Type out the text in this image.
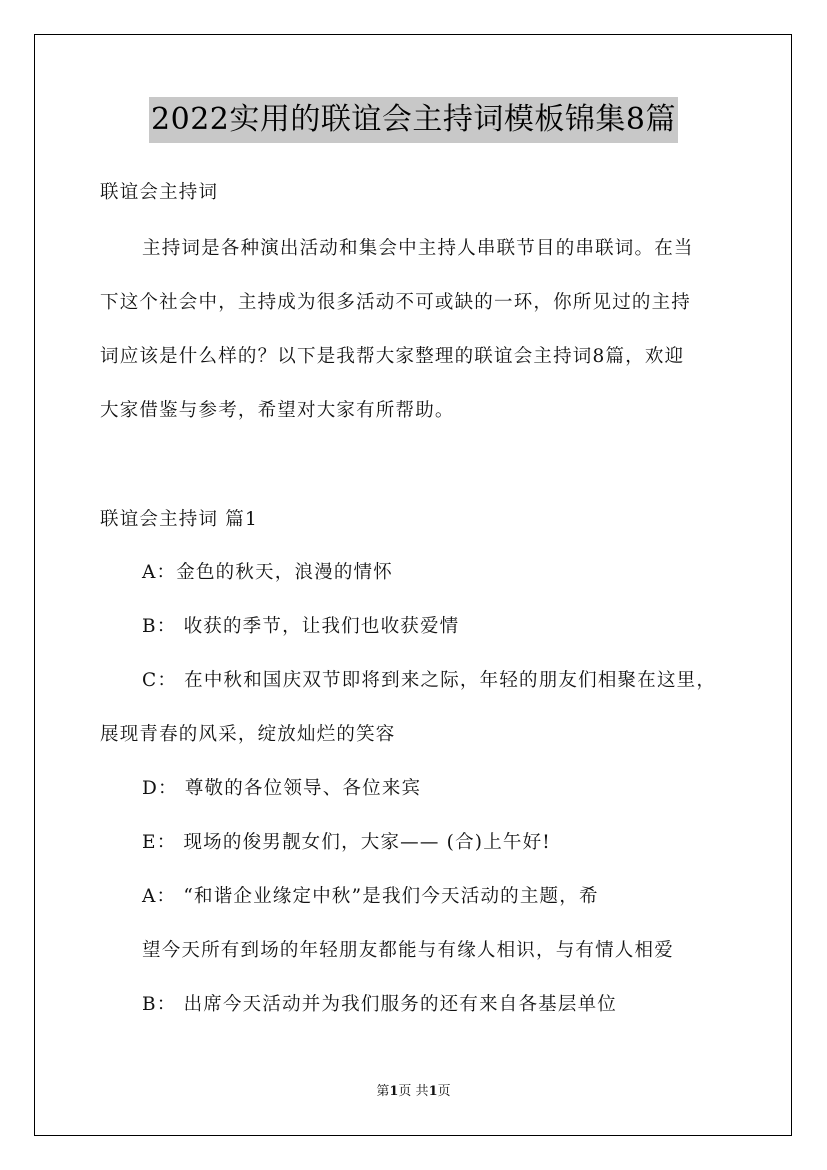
2022实用的联谊会主持词模板锦集8篇
联谊会主持词
主持词是各种演出活动和集会中主持人串联节目的串联词。在当
下这个社会中，主持成为很多活动不可或缺的一环，你所见过的主持
词应该是什么样的？以下是我帮大家整理的联谊会主持词8篇，欢迎
大家借鉴与参考，希望对大家有所帮助。
联谊会主持词 篇1
A：金色的秋天，浪漫的情怀
B： 收获的季节，让我们也收获爱情
C： 在中秋和国庆双节即将到来之际，年轻的朋友们相聚在这里，
展现青春的风采，绽放灿烂的笑容
D： 尊敬的各位领导、各位来宾
E： 现场的俊男靓女们，大家—— (合)上午好!
A： “和谐企业缘定中秋”是我们今天活动的主题，希
望今天所有到场的年轻朋友都能与有缘人相识，与有情人相爱
B： 出席今天活动并为我们服务的还有来自各基层单位
第1页 共1页
